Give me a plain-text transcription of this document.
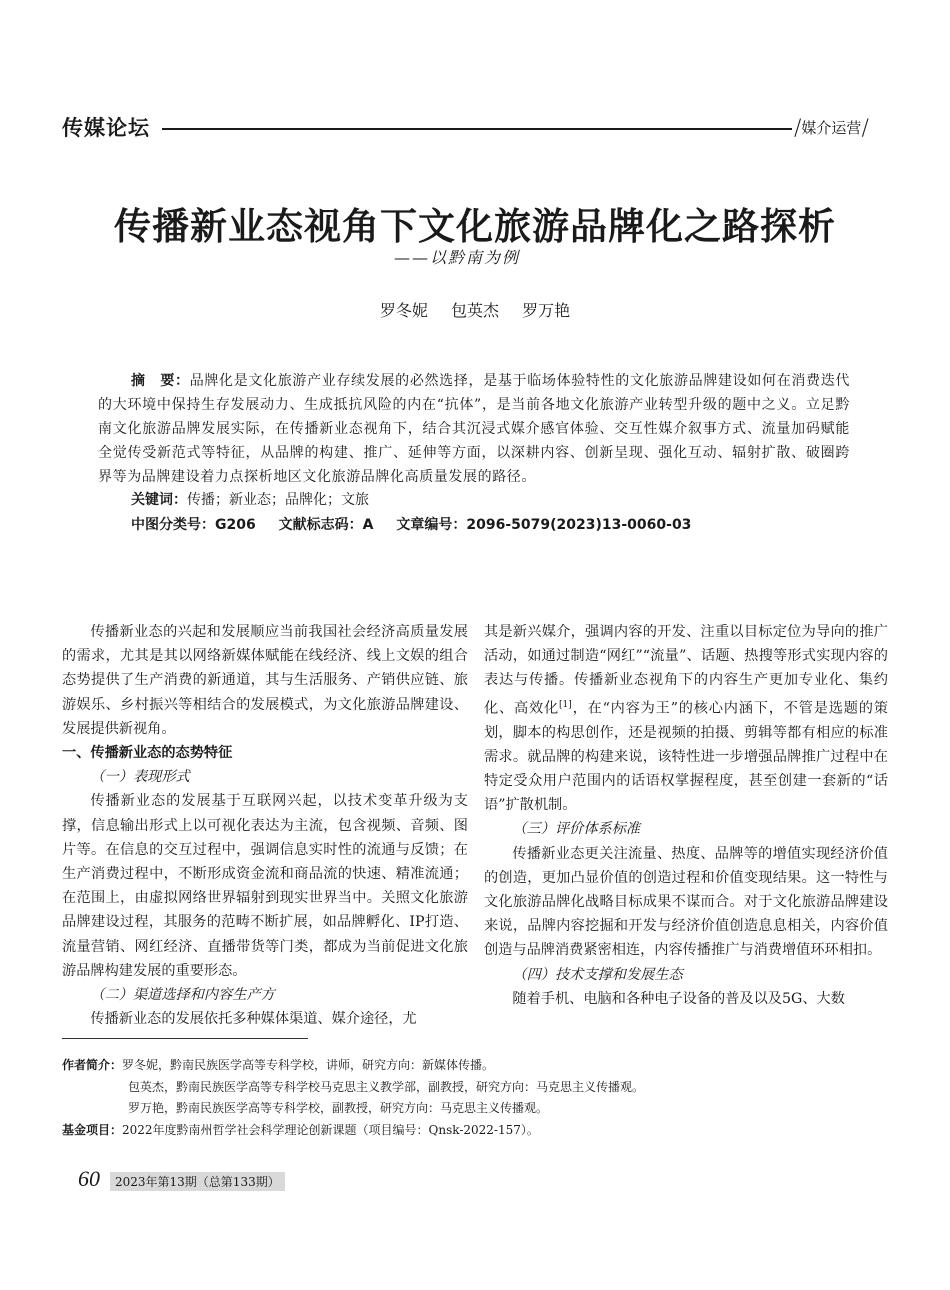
传媒论坛	/媒介运营/
传播新业态视角下文化旅游品牌化之路探析
——以黔南为例
罗冬妮 包英杰 罗万艳
摘　要：品牌化是文化旅游产业存续发展的必然选择，是基于临场体验特性的文化旅游品牌建设如何在消费迭代的大环境中保持生存发展动力、生成抵抗风险的内在“抗体”，是当前各地文化旅游产业转型升级的题中之义。立足黔南文化旅游品牌发展实际，在传播新业态视角下，结合其沉浸式媒介感官体验、交互性媒介叙事方式、流量加码赋能全觉传受新范式等特征，从品牌的构建、推广、延伸等方面，以深耕内容、创新呈现、强化互动、辐射扩散、破圈跨界等为品牌建设着力点探析地区文化旅游品牌化高质量发展的路径。
关键词：传播；新业态；品牌化；文旅
中图分类号：G206 文献标志码：A 文章编号：2096-5079(2023)13-0060-03

传播新业态的兴起和发展顺应当前我国社会经济高质量发展的需求，尤其是其以网络新媒体赋能在线经济、线上文娱的组合态势提供了生产消费的新通道，其与生活服务、产销供应链、旅游娱乐、乡村振兴等相结合的发展模式，为文化旅游品牌建设、发展提供新视角。

一、传播新业态的态势特征

（一）表现形式

传播新业态的发展基于互联网兴起，以技术变革升级为支撑，信息输出形式上以可视化表达为主流，包含视频、音频、图片等。在信息的交互过程中，强调信息实时性的流通与反馈；在生产消费过程中，不断形成资金流和商品流的快速、精准流通；在范围上，由虚拟网络世界辐射到现实世界当中。关照文化旅游品牌建设过程，其服务的范畴不断扩展，如品牌孵化、IP打造、流量营销、网红经济、直播带货等门类，都成为当前促进文化旅游品牌构建发展的重要形态。

（二）渠道选择和内容生产方

传播新业态的发展依托多种媒体渠道、媒介途径，尤

其是新兴媒介，强调内容的开发、注重以目标定位为导向的推广活动，如通过制造“网红”“流量”、话题、热搜等形式实现内容的表达与传播。传播新业态视角下的内容生产更加专业化、集约化、高效化[1]，在“内容为王”的核心内涵下，不管是选题的策划，脚本的构思创作，还是视频的拍摄、剪辑等都有相应的标准需求。就品牌的构建来说，该特性进一步增强品牌推广过程中在特定受众用户范围内的话语权掌握程度，甚至创建一套新的“话语”扩散机制。

（三）评价体系标准

传播新业态更关注流量、热度、品牌等的增值实现经济价值的创造，更加凸显价值的创造过程和价值变现结果。这一特性与文化旅游品牌化战略目标成果不谋而合。对于文化旅游品牌建设来说，品牌内容挖掘和开发与经济价值创造息息相关，内容价值创造与品牌消费紧密相连，内容传播推广与消费增值环环相扣。

（四）技术支撑和发展生态

随着手机、电脑和各种电子设备的普及以及5G、大数

作者简介：罗冬妮，黔南民族医学高等专科学校，讲师，研究方向：新媒体传播。
包英杰，黔南民族医学高等专科学校马克思主义教学部，副教授，研究方向：马克思主义传播观。
罗万艳，黔南民族医学高等专科学校，副教授，研究方向：马克思主义传播观。
基金项目：2022年度黔南州哲学社会科学理论创新课题（项目编号：Qnsk-2022-157）。
60	2023年第13期（总第133期）
